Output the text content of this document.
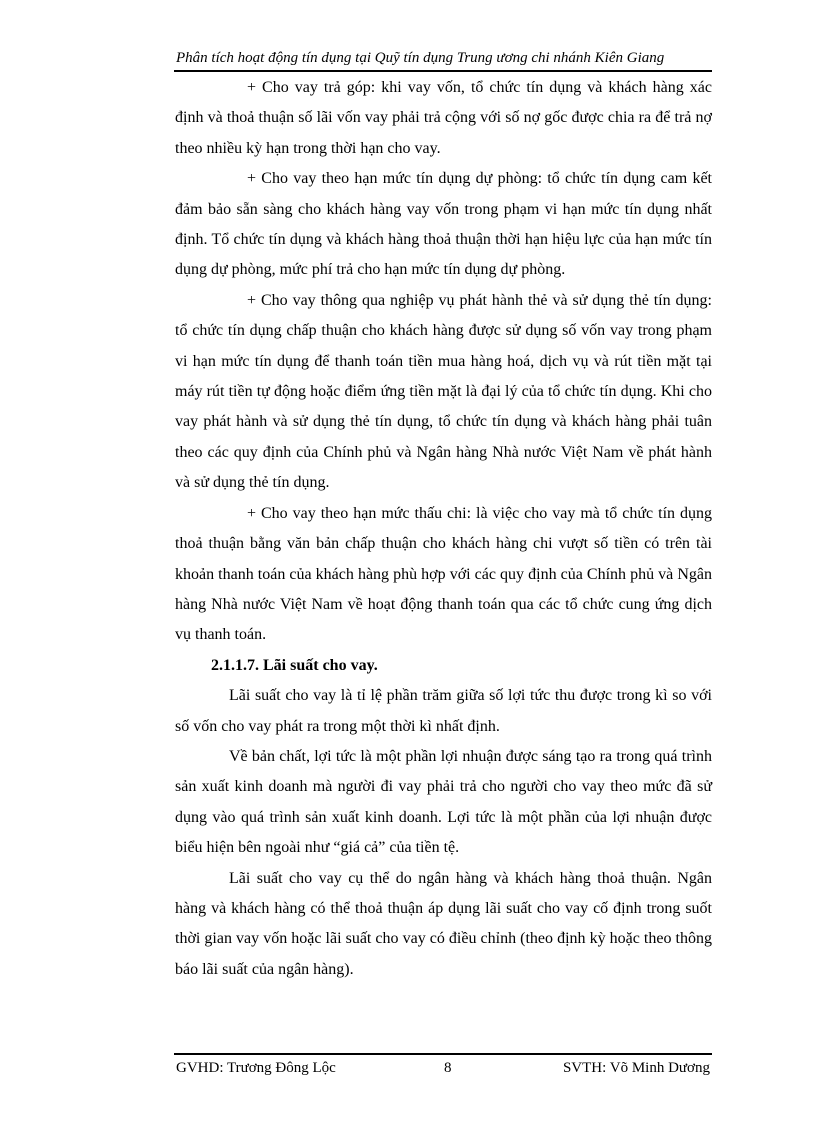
Phân tích hoạt động tín dụng tại Quỹ tín dụng Trung ương chi nhánh Kiên Giang

+ Cho vay trả góp: khi vay vốn, tổ chức tín dụng và khách hàng xác định và thoả thuận số lãi vốn vay phải trả cộng với số nợ gốc được chia ra để trả nợ theo nhiều kỳ hạn trong thời hạn cho vay.

+ Cho vay theo hạn mức tín dụng dự phòng: tổ chức tín dụng cam kết đảm bảo sẵn sàng cho khách hàng vay vốn trong phạm vi hạn mức tín dụng nhất định. Tổ chức tín dụng và khách hàng thoả thuận thời hạn hiệu lực của hạn mức tín dụng dự phòng, mức phí trả cho hạn mức tín dụng dự phòng.

+ Cho vay thông qua nghiệp vụ phát hành thẻ và sử dụng thẻ tín dụng: tổ chức tín dụng chấp thuận cho khách hàng được sử dụng số vốn vay trong phạm vi hạn mức tín dụng để thanh toán tiền mua hàng hoá, dịch vụ và rút tiền mặt tại máy rút tiền tự động hoặc điểm ứng tiền mặt là đại lý của tổ chức tín dụng. Khi cho vay phát hành và sử dụng thẻ tín dụng, tổ chức tín dụng và khách hàng phải tuân theo các quy định của Chính phủ và Ngân hàng Nhà nước Việt Nam về phát hành và sử dụng thẻ tín dụng.

+ Cho vay theo hạn mức thấu chi: là việc cho vay mà tổ chức tín dụng thoả thuận bằng văn bản chấp thuận cho khách hàng chi vượt số tiền có trên tài khoản thanh toán của khách hàng phù hợp với các quy định của Chính phủ và Ngân hàng Nhà nước Việt Nam về hoạt động thanh toán qua các tổ chức cung ứng dịch vụ thanh toán.

2.1.1.7. Lãi suất cho vay.

Lãi suất cho vay là tỉ lệ phần trăm giữa số lợi tức thu được trong kì so với số vốn cho vay phát ra trong một thời kì nhất định.

Về bản chất, lợi tức là một phần lợi nhuận được sáng tạo ra trong quá trình sản xuất kinh doanh mà người đi vay phải trả cho người cho vay theo mức đã sử dụng vào quá trình sản xuất kinh doanh. Lợi tức là một phần của lợi nhuận được biểu hiện bên ngoài như “giá cả” của tiền tệ.

Lãi suất cho vay cụ thể do ngân hàng và khách hàng thoả thuận. Ngân hàng và khách hàng có thể thoả thuận áp dụng lãi suất cho vay cố định trong suốt thời gian vay vốn hoặc lãi suất cho vay có điều chỉnh (theo định kỳ hoặc theo thông báo lãi suất của ngân hàng).

GVHD: Trương Đông Lộc	8	SVTH: Võ Minh Dương
